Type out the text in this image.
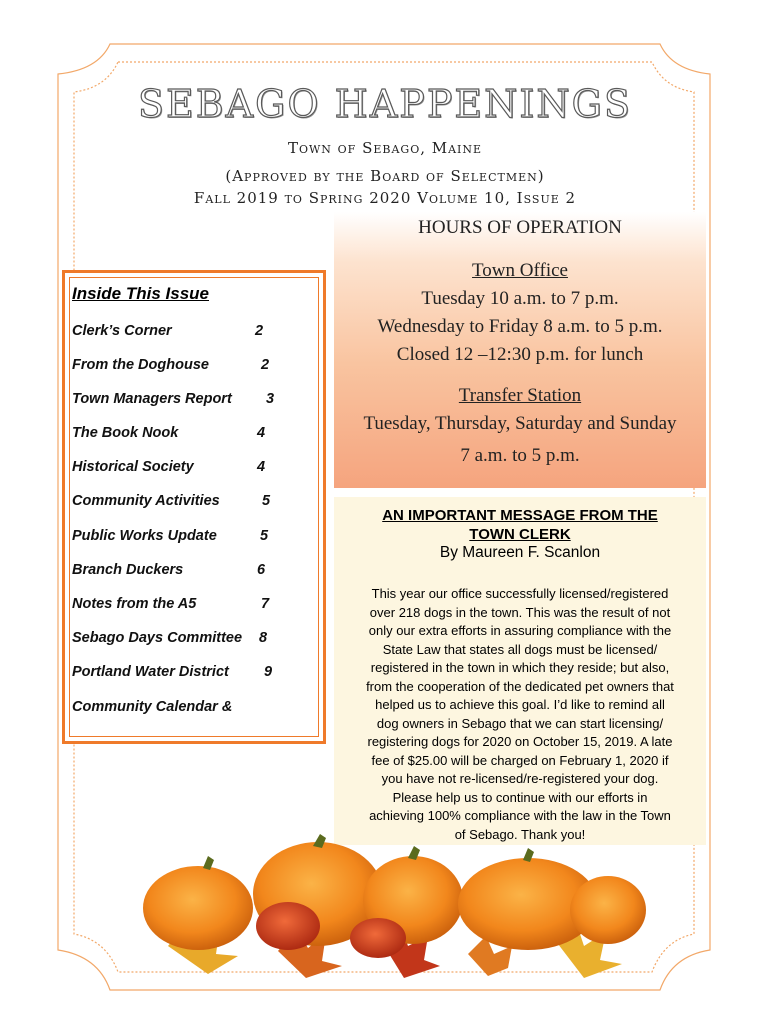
SEBAGO HAPPENINGS
Town of Sebago, Maine
(Approved by the Board of Selectmen)
Fall 2019 to Spring 2020 Volume 10, Issue 2
HOURS OF OPERATION
Town Office
Tuesday 10 a.m. to 7 p.m.
Wednesday to Friday 8 a.m. to 5 p.m.
Closed 12 –12:30 p.m. for lunch
Transfer Station
Tuesday, Thursday, Saturday and Sunday
7 a.m. to 5 p.m.
Inside This Issue
Clerk’s Corner	2
From the Doghouse	2
Town Managers Report 3
The Book Nook	4
Historical Society	4
Community Activities	5
Public Works Update	5
Branch Duckers	6
Notes from the A5	7
Sebago Days Committee 8
Portland Water District 9
Community Calendar &
AN IMPORTANT MESSAGE FROM THE
TOWN CLERK
By Maureen F. Scanlon
This year our office successfully licensed/registered
over 218 dogs in the town. This was the result of not
only our extra efforts in assuring compliance with the
State Law that states all dogs must be licensed/
registered in the town in which they reside; but also,
from the cooperation of the dedicated pet owners that
helped us to achieve this goal. I’d like to remind all
dog owners in Sebago that we can start licensing/
registering dogs for 2020 on October 15, 2019. A late
fee of $25.00 will be charged on February 1, 2020 if
you have not re-licensed/re-registered your dog.
Please help us to continue with our efforts in
achieving 100% compliance with the law in the Town
of Sebago. Thank you!
